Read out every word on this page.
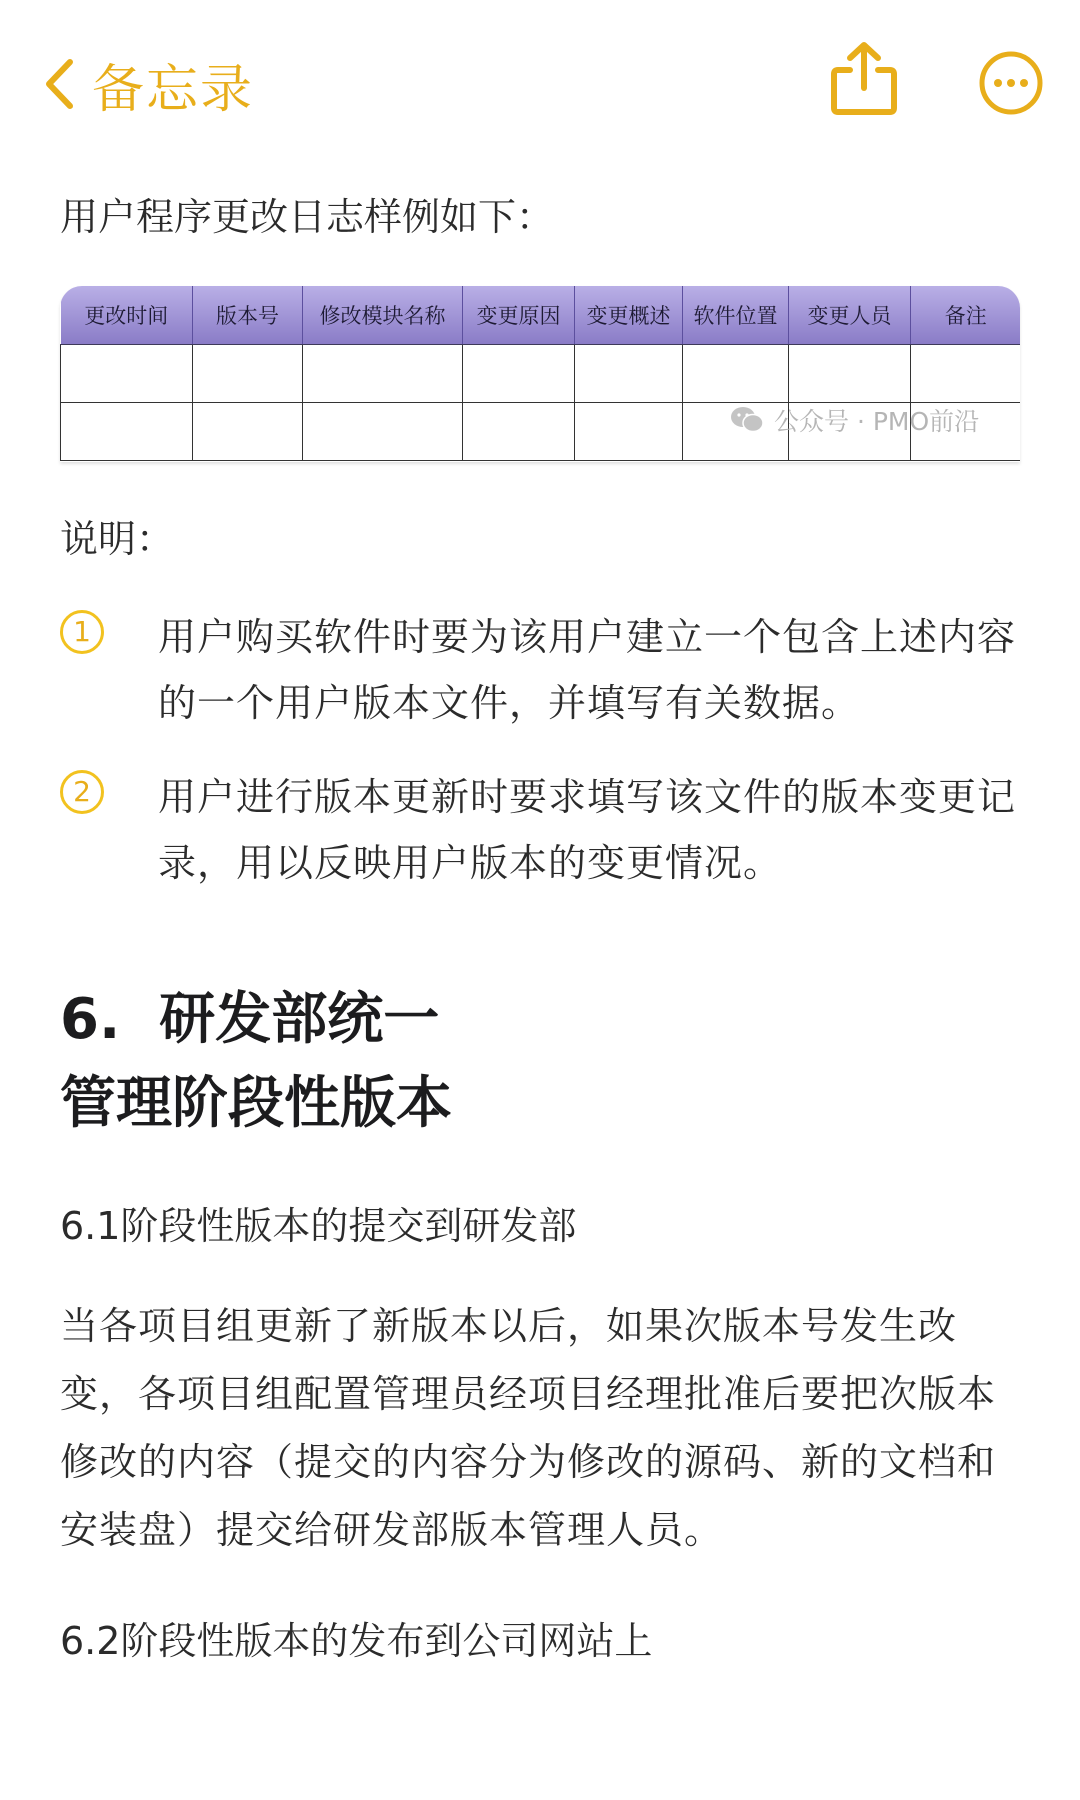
备忘录
用户程序更改日志样例如下：
更改时间	版本号	修改模块名称	变更原因	变更概述	软件位置	变更人员	备注

公众号 · PMO前沿
说明：
1	用户购买软件时要为该用户建立一个包含上述内容的一个用户版本文件，并填写有关数据。
2	用户进行版本更新时要求填写该文件的版本变更记录，用以反映用户版本的变更情况。
6.  研发部统一
管理阶段性版本
6.1阶段性版本的提交到研发部
当各项目组更新了新版本以后，如果次版本号发生改变，各项目组配置管理员经项目经理批准后要把次版本修改的内容（提交的内容分为修改的源码、新的文档和安装盘）提交给研发部版本管理人员。
6.2阶段性版本的发布到公司网站上
